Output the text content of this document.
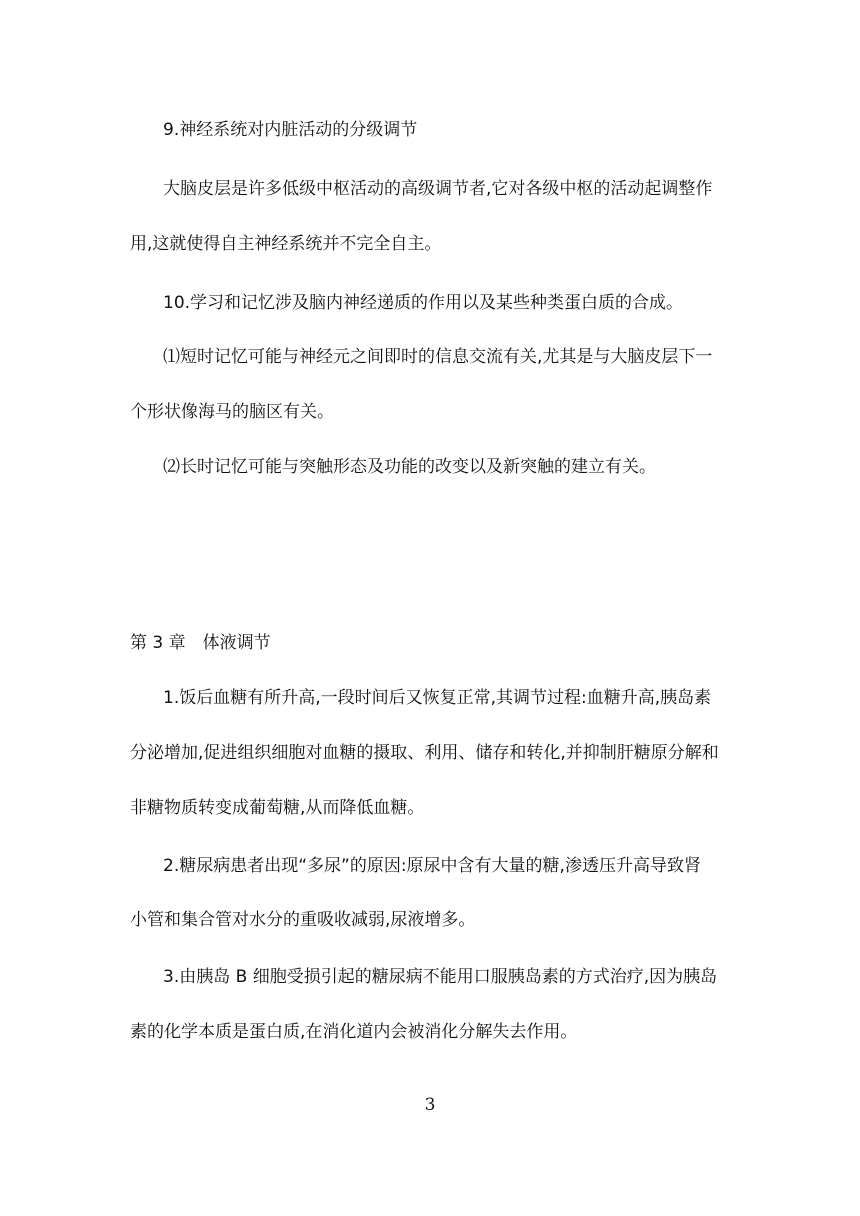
9.神经系统对内脏活动的分级调节
大脑皮层是许多低级中枢活动的高级调节者,它对各级中枢的活动起调整作
用,这就使得自主神经系统并不完全自主。
10.学习和记忆涉及脑内神经递质的作用以及某些种类蛋白质的合成。
⑴短时记忆可能与神经元之间即时的信息交流有关,尤其是与大脑皮层下一
个形状像海马的脑区有关。
⑵长时记忆可能与突触形态及功能的改变以及新突触的建立有关。
第 3 章　体液调节
1.饭后血糖有所升高,一段时间后又恢复正常,其调节过程:血糖升高,胰岛素
分泌增加,促进组织细胞对血糖的摄取、利用、储存和转化,并抑制肝糖原分解和
非糖物质转变成葡萄糖,从而降低血糖。
2.糖尿病患者出现“多尿”的原因:原尿中含有大量的糖,渗透压升高导致肾
小管和集合管对水分的重吸收减弱,尿液增多。
3.由胰岛 B 细胞受损引起的糖尿病不能用口服胰岛素的方式治疗,因为胰岛
素的化学本质是蛋白质,在消化道内会被消化分解失去作用。
3
